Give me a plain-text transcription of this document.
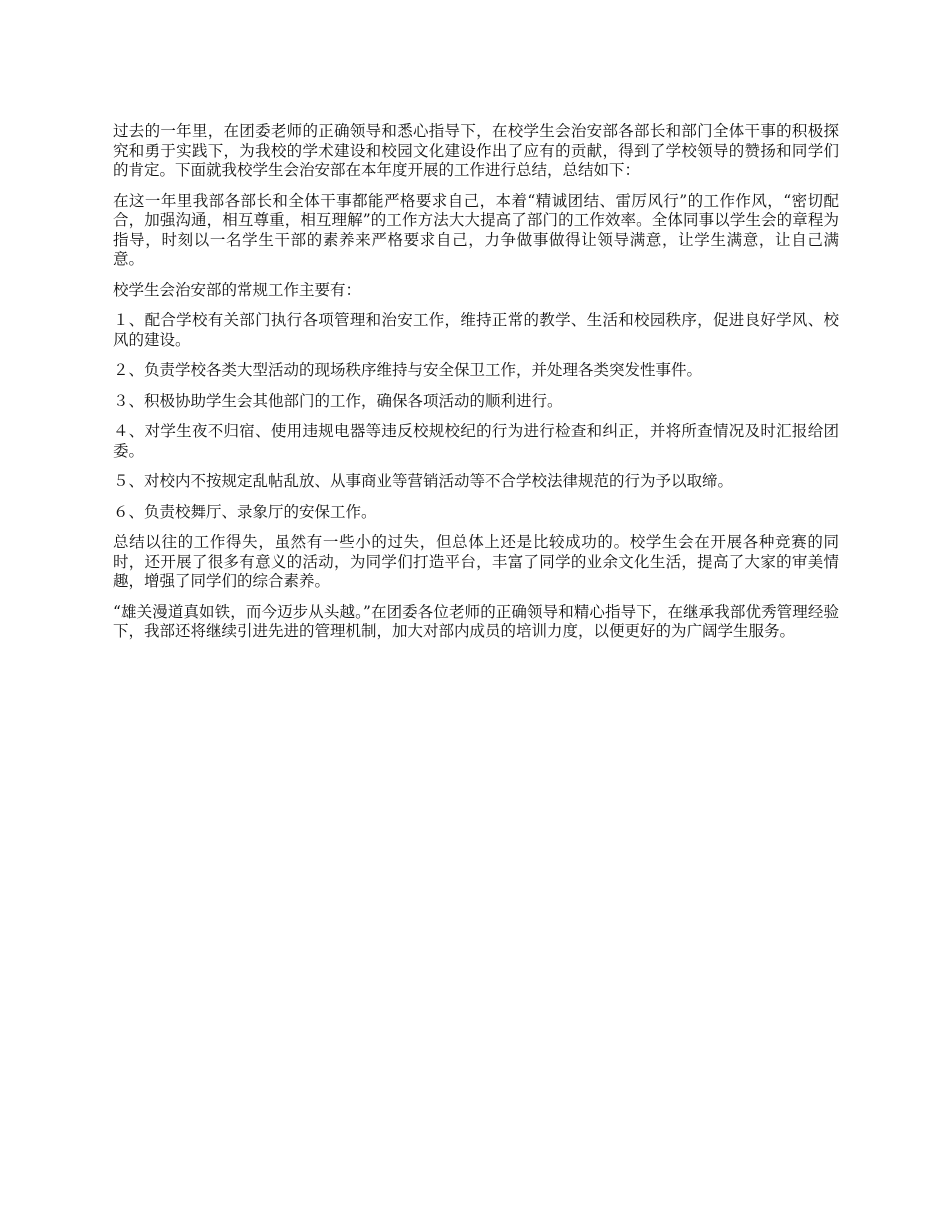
过去的一年里，在团委老师的正确领导和悉心指导下，在校学生会治安部各部长和部门全体干事的积极探究和勇于实践下，为我校的学术建设和校园文化建设作出了应有的贡献，得到了学校领导的赞扬和同学们的肯定。下面就我校学生会治安部在本年度开展的工作进行总结，总结如下：

在这一年里我部各部长和全体干事都能严格要求自己，本着“精诚团结、雷厉风行”的工作作风，“密切配合，加强沟通，相互尊重，相互理解”的工作方法大大提高了部门的工作效率。全体同事以学生会的章程为指导，时刻以一名学生干部的素养来严格要求自己，力争做事做得让领导满意，让学生满意，让自己满意。

校学生会治安部的常规工作主要有：

１、配合学校有关部门执行各项管理和治安工作，维持正常的教学、生活和校园秩序，促进良好学风、校风的建设。

２、负责学校各类大型活动的现场秩序维持与安全保卫工作，并处理各类突发性事件。

３、积极协助学生会其他部门的工作，确保各项活动的顺利进行。

４、对学生夜不归宿、使用违规电器等违反校规校纪的行为进行检查和纠正，并将所查情况及时汇报给团委。

５、对校内不按规定乱帖乱放、从事商业等营销活动等不合学校法律规范的行为予以取缔。

６、负责校舞厅、录象厅的安保工作。

总结以往的工作得失，虽然有一些小的过失，但总体上还是比较成功的。校学生会在开展各种竞赛的同时，还开展了很多有意义的活动，为同学们打造平台，丰富了同学的业余文化生活，提高了大家的审美情趣，增强了同学们的综合素养。

“雄关漫道真如铁，而今迈步从头越。”在团委各位老师的正确领导和精心指导下，在继承我部优秀管理经验下，我部还将继续引进先进的管理机制，加大对部内成员的培训力度，以便更好的为广阔学生服务。
